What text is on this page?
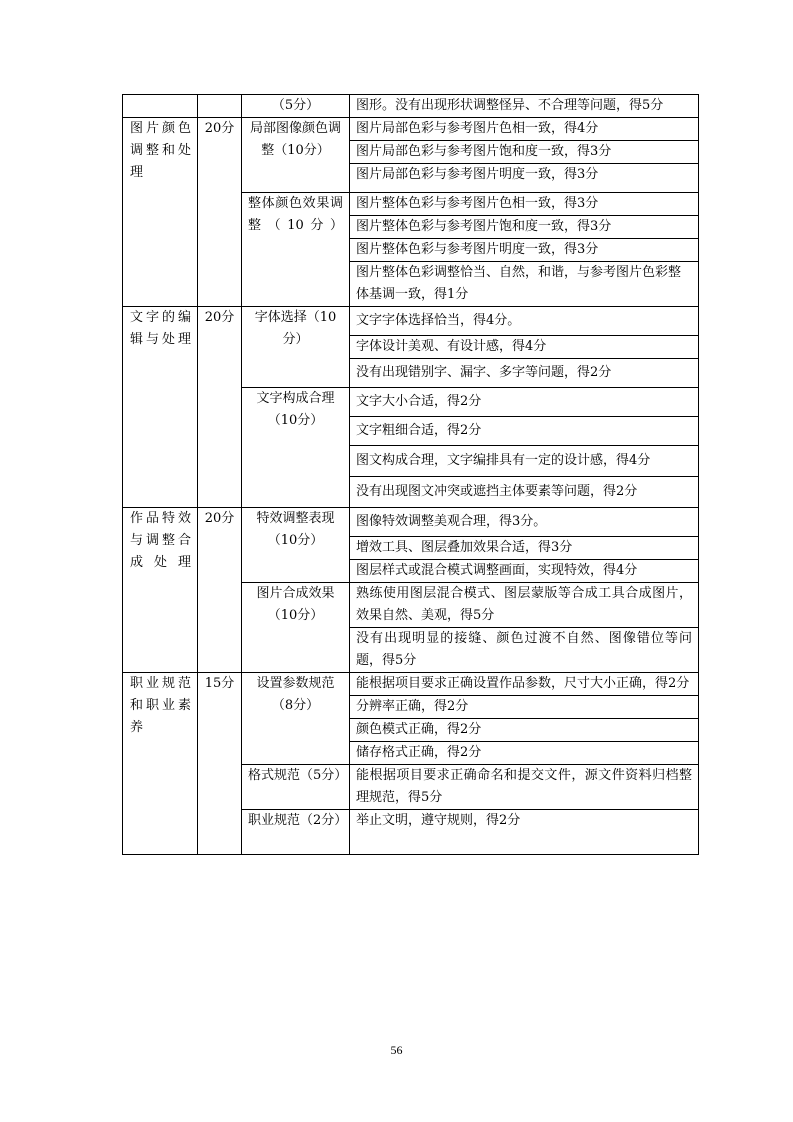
		（5分）	图形。没有出现形状调整怪异、不合理等问题，得5分
图片颜色调整和处理	20分	局部图像颜色调整（10分）	图片局部色彩与参考图片色相一致，得4分
			图片局部色彩与参考图片饱和度一致，得3分
			图片局部色彩与参考图片明度一致，得3分

		整体颜色效果调整（10分）	图片整体色彩与参考图片色相一致，得3分
			图片整体色彩与参考图片饱和度一致，得3分
			图片整体色彩与参考图片明度一致，得3分
			图片整体色彩调整恰当、自然，和谐，与参考图片色彩整体基调一致，得1分
文字的编辑与处理	20分	字体选择（10分）	文字字体选择恰当，得4分。
			字体设计美观、有设计感，得4分
			没有出现错别字、漏字、多字等问题，得2分
		文字构成合理（10分）	文字大小合适，得2分
			文字粗细合适，得2分
			图文构成合理，文字编排具有一定的设计感，得4分
			没有出现图文冲突或遮挡主体要素等问题，得2分
作品特效与调整合成处理	20分	特效调整表现（10分）	图像特效调整美观合理，得3分。
			增效工具、图层叠加效果合适，得3分
			图层样式或混合模式调整画面，实现特效，得4分
		图片合成效果（10分）	熟练使用图层混合模式、图层蒙版等合成工具合成图片，效果自然、美观，得5分
			没有出现明显的接缝、颜色过渡不自然、图像错位等问题，得5分
职业规范和职业素养	15分	设置参数规范（8分）	能根据项目要求正确设置作品参数，尺寸大小正确，得2分
			分辨率正确，得2分
			颜色模式正确，得2分
			储存格式正确，得2分
		格式规范（5分）	能根据项目要求正确命名和提交文件，源文件资料归档整理规范，得5分
		职业规范（2分）	举止文明，遵守规则，得2分
56
